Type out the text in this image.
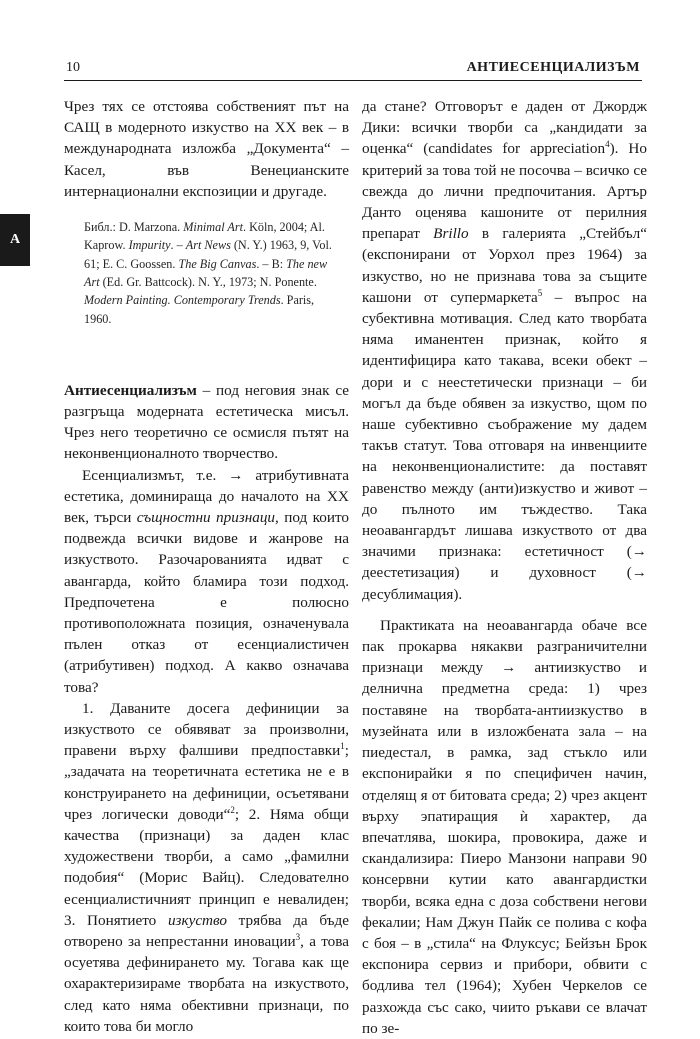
10	АНТИЕСЕНЦИАЛИЗЪМ
А

Чрез тях се отстоява собственият път на САЩ в модерното изкуство на ХХ век – в международната изложба „Документа“ – Касел, във Венецианските интернационални експозиции и другаде.

Библ.: D. Marzona. Minimal Art. Köln, 2004; Al. Kaprow. Impurity. – Art News (N. Y.) 1963, 9, Vol. 61; E. C. Goossen. The Big Canvas. – В: The new Art (Ed. Gr. Battcock). N. Y., 1973; N. Ponente. Modern Painting. Contemporary Trends. Paris, 1960.

Антиесенциализъм – под неговия знак се разгръща модерната естетическа мисъл. Чрез него теоретично се осмисля пътят на неконвенционалното творчество.

Есенциализмът, т.е. → атрибутивната естетика, доминираща до началото на ХХ век, търси същностни признаци, под които подвежда всички видове и жанрове на изкуството. Разочарованията идват с авангарда, който бламира този подход. Предпочетена е полюсно противоположната позиция, означенувала пълен отказ от есенциалистичен (атрибутивен) подход. А какво означава това?

1. Даваните досега дефиниции за изкуството се обявяват за произволни, правени върху фалшиви предпоставки$^1$; „задачата на теоретичната естетика не е в конструирането на дефиниции, осъетявани чрез логически доводи“$^2$; 2. Няма общи качества (признаци) за даден клас художествени творби, а само „фамилни подобия“ (Морис Вайц). Следователно есенциалистичният принцип е невалиден; 3. Понятието изкуство трябва да бъде отворено за непрестанни иновации$^3$, а това осуетява дефинирането му. Тогава как ще охарактеризираме творбата на изкуството, след като няма обективни признаци, по които това би могло

да стане? Отговорът е даден от Джордж Дики: всички творби са „кандидати за оценка“ (candidates for appreciation$^4$). Но критерий за това той не посочва – всичко се свежда до лични предпочитания. Артър Данто оценява кашоните от перилния препарат Brillo в галерията „Стейбъл“ (експонирани от Уорхол през 1964) за изкуство, но не признава това за същите кашони от супермаркета$^5$ – въпрос на субективна мотивация. След като творбата няма иманентен признак, който я идентифицира като такава, всеки обект – дори и с неестетически признаци – би могъл да бъде обявен за изкуство, щом по наше субективно съображение му дадем такъв статут. Това отговаря на инвенциите на неконвенционалистите: да поставят равенство между (анти)изкуство и живот – до пълното им тъждество. Така неоавангардът лишава изкуството от два значими признака: естетичност (→ деестетизация) и духовност (→ десублимация).

Практиката на неоавангарда обаче все пак прокарва някакви разграничителни признаци между → антиизкуство и делнична предметна среда: 1) чрез поставяне на творбата-антиизкуство в музейната или в изложбената зала – на пиедестал, в рамка, зад стъкло или експонирайки я по специфичен начин, отделящ я от битовата среда; 2) чрез акцент върху эпатиращия ѝ характер, да впечатлява, шокира, провокира, даже и скандализира: Пиеро Манзони направи 90 консервни кутии като авангардистки творби, всяка една с доза собствени негови фекалии; Нам Джун Пайк се полива с кофа с боя – в „стила“ на Флуксус; Бейзън Брок експонира сервиз и прибори, обвити с бодлива тел (1964); Хубен Черкелов се разхожда със сако, чиито ръкави се влачат по зе-
